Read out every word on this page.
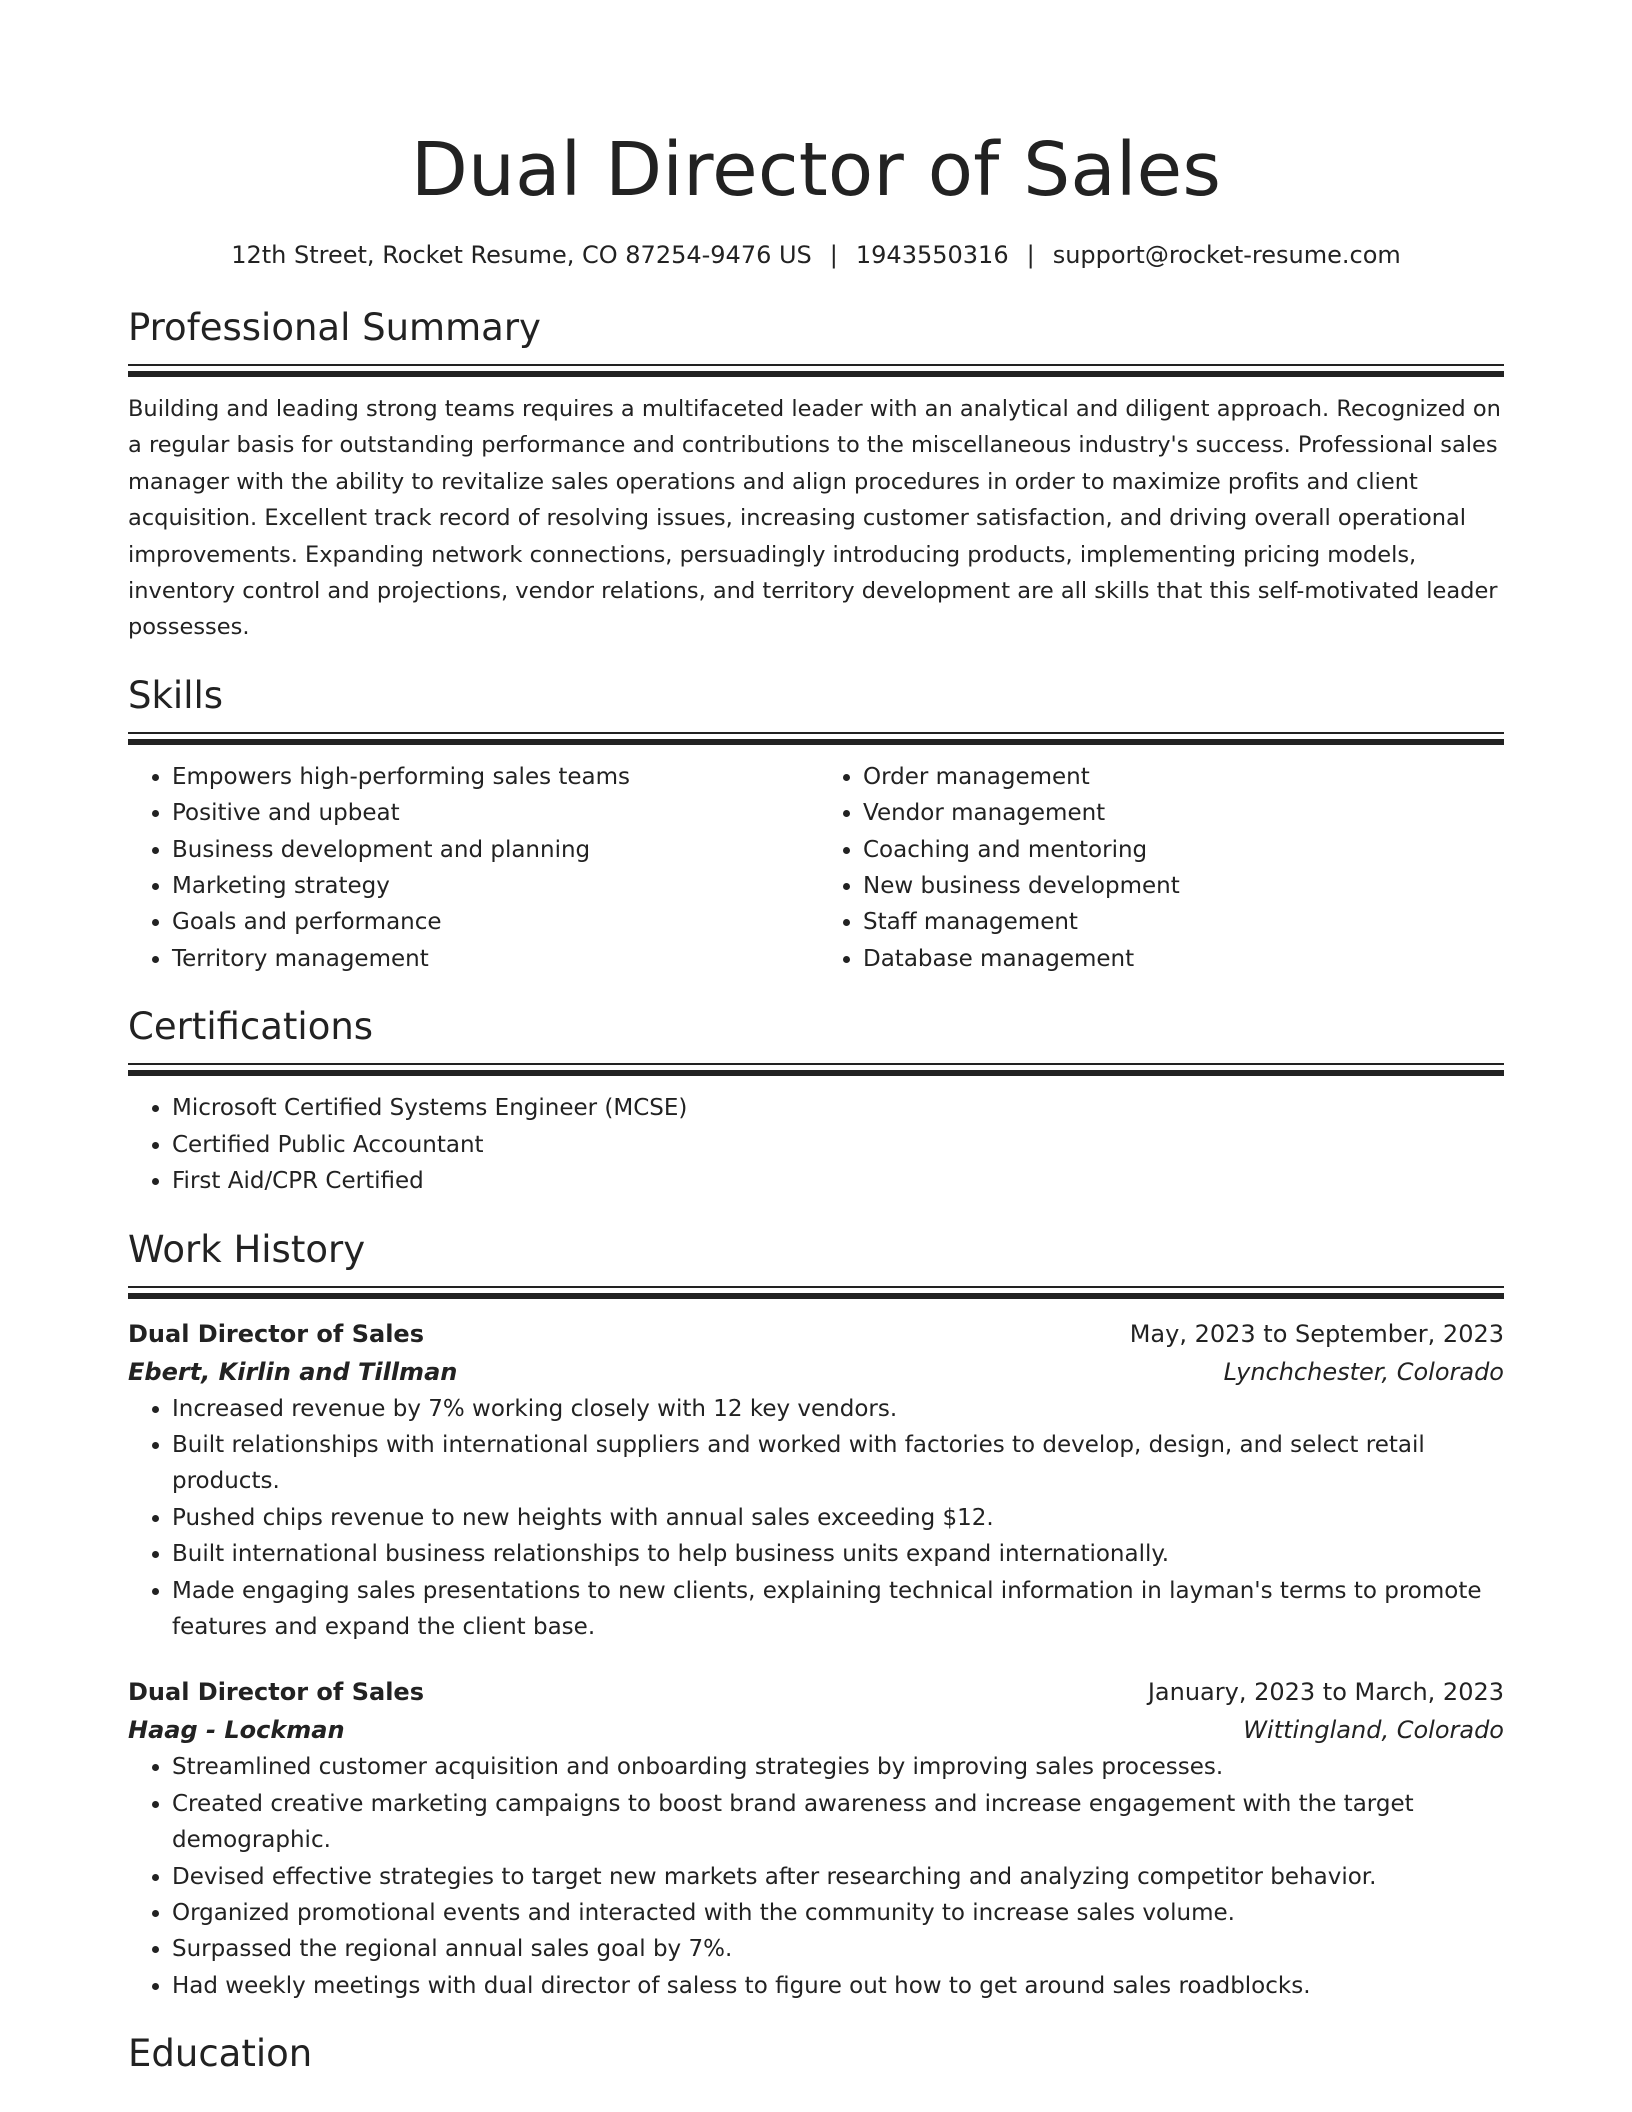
Dual Director of Sales
12th Street, Rocket Resume, CO 87254-9476 US | 1943550316 | support@rocket-resume.com
Professional Summary
Building and leading strong teams requires a multifaceted leader with an analytical and diligent approach. Recognized on a regular basis for outstanding performance and contributions to the miscellaneous industry's success. Professional sales manager with the ability to revitalize sales operations and align procedures in order to maximize profits and client acquisition. Excellent track record of resolving issues, increasing customer satisfaction, and driving overall operational improvements. Expanding network connections, persuadingly introducing products, implementing pricing models, inventory control and projections, vendor relations, and territory development are all skills that this self-motivated leader possesses.
Skills
• Empowers high-performing sales teams
• Positive and upbeat
• Business development and planning
• Marketing strategy
• Goals and performance
• Territory management
• Order management
• Vendor management
• Coaching and mentoring
• New business development
• Staff management
• Database management
Certifications
• Microsoft Certified Systems Engineer (MCSE)
• Certified Public Accountant
• First Aid/CPR Certified
Work History
Dual Director of Sales	May, 2023 to September, 2023
Ebert, Kirlin and Tillman	Lynchchester, Colorado
• Increased revenue by 7% working closely with 12 key vendors.
• Built relationships with international suppliers and worked with factories to develop, design, and select retail products.
• Pushed chips revenue to new heights with annual sales exceeding $12.
• Built international business relationships to help business units expand internationally.
• Made engaging sales presentations to new clients, explaining technical information in layman's terms to promote features and expand the client base.
Dual Director of Sales	January, 2023 to March, 2023
Haag - Lockman	Wittingland, Colorado
• Streamlined customer acquisition and onboarding strategies by improving sales processes.
• Created creative marketing campaigns to boost brand awareness and increase engagement with the target demographic.
• Devised effective strategies to target new markets after researching and analyzing competitor behavior.
• Organized promotional events and interacted with the community to increase sales volume.
• Surpassed the regional annual sales goal by 7%.
• Had weekly meetings with dual director of saless to figure out how to get around sales roadblocks.
Education
